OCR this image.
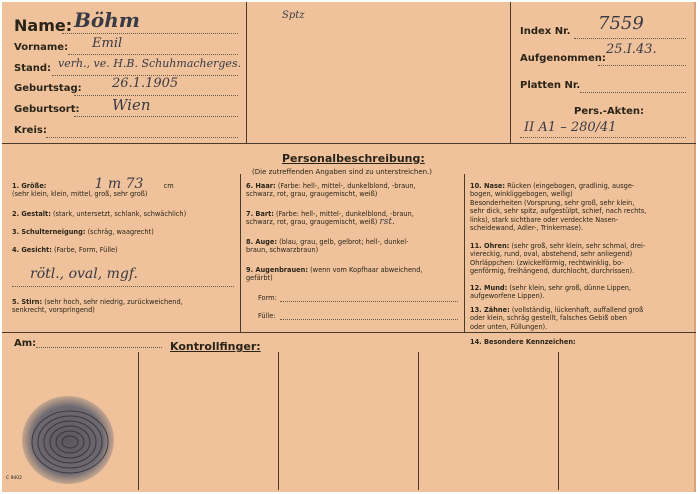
Name: Böhm
Vorname: Emil
Stand: verh., ve. H.B. Schuhmacherges.
Geburtstag: 26.1.1905
Geburtsort: Wien
Kreis:
Sptz
Index Nr. 7559
Aufgenommen:
25.I.43.
Platten Nr.
Pers.-Akten:
II A1 – 280/41
Personalbeschreibung:
(Die zutreffenden Angaben sind zu unterstreichen.)
1. Größe:	1 m 73	cm
(sehr klein, klein, mittel, groß, sehr groß)
2. Gestalt: (stark, untersetzt, schlank, schwächlich)
3. Schulterneigung: (schräg, waagrecht)
4. Gesicht: (Farbe, Form, Fülle)
rötl., oval, mgf.
5. Stirn: (sehr hoch, sehr niedrig, zurückweichend,
senkrecht, vorspringend)
6. Haar: (Farbe: hell-, mittel-, dunkelblond, -braun,
schwarz, rot, grau, graugemischt, weiß)
7. Bart: (Farbe: hell-, mittel-, dunkelblond, -braun,
schwarz, rot, grau, graugemischt, weiß) rst.
8. Auge: (blau, grau, gelb, gelbrot; hell-, dunkel-
braun, schwarzbraun)
9. Augenbrauen: (wenn vom Kopfhaar abweichend,
gefärbt)
Form:
Fülle:
10. Nase: Rücken (eingebogen, gradlinig, ausge-
bogen, winkliggebogen, wellig)
Besonderheiten (Vorsprung, sehr groß, sehr klein,
sehr dick, sehr spitz, aufgestülpt, schief, nach rechts,
links), stark sichtbare oder verdeckte Nasen-
scheidewand, Adler-, Trinkernase).
11. Ohren: (sehr groß, sehr klein, sehr schmal, drei-
viereckig, rund, oval, abstehend, sehr anliegend)
Ohrläppchen: (zwickelförmig, rechtwinklig, bo-
genförmig, freihängend, durchlocht, durchrissen).
12. Mund: (sehr klein, sehr groß, dünne Lippen,
aufgeworfene Lippen).
13. Zähne: (vollständig, lückenhaft, auffallend groß
oder klein, schräg gestellt, falsches Gebiß oben
oder unten, Füllungen).
14. Besondere Kennzeichen:
Am:	Kontrollfinger:
C 9402
